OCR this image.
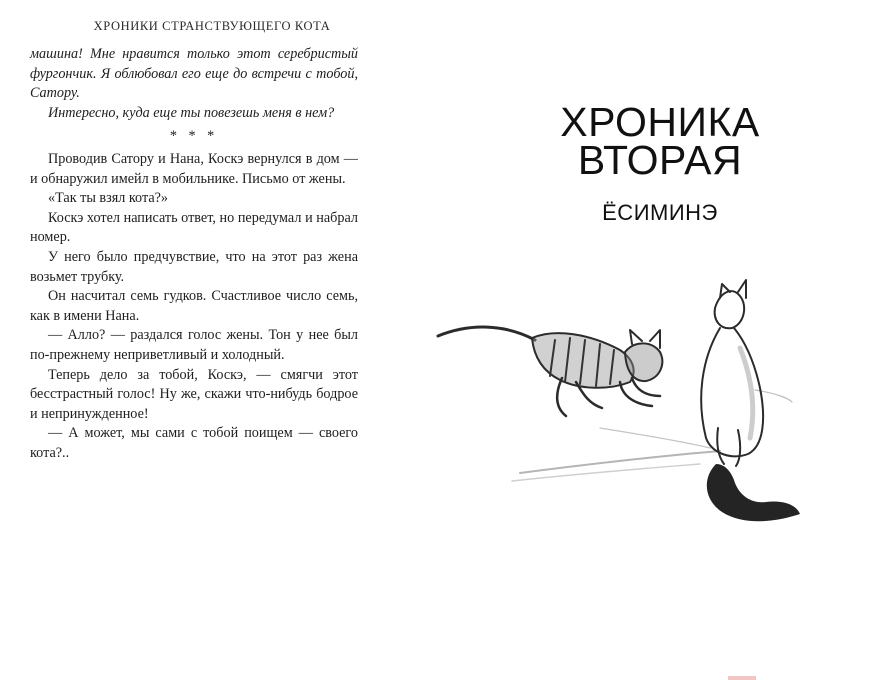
ХРОНИКИ СТРАНСТВУЮЩЕГО КОТА

машина! Мне нравится только этот серебристый фургончик. Я облюбовал его еще до встречи с тобой, Сатору.

Интересно, куда еще ты повезешь меня в нем?

* * *

Проводив Сатору и Нана, Коскэ вернулся в дом — и обнаружил имейл в мобильнике. Письмо от жены.

«Так ты взял кота?»

Коскэ хотел написать ответ, но передумал и набрал номер.

У него было предчувствие, что на этот раз жена возьмет трубку.

Он насчитал семь гудков. Счастливое число семь, как в имени Нана.

— Алло? — раздался голос жены. Тон у нее был по-прежнему неприветливый и холодный.

Теперь дело за тобой, Коскэ, — смягчи этот бесстрастный голос! Ну же, скажи что-нибудь бодрое и непринужденное!

— А может, мы сами с тобой поищем — своего кота?..

ХРОНИКА
ВТОРАЯ
ЁСИМИНЭ
